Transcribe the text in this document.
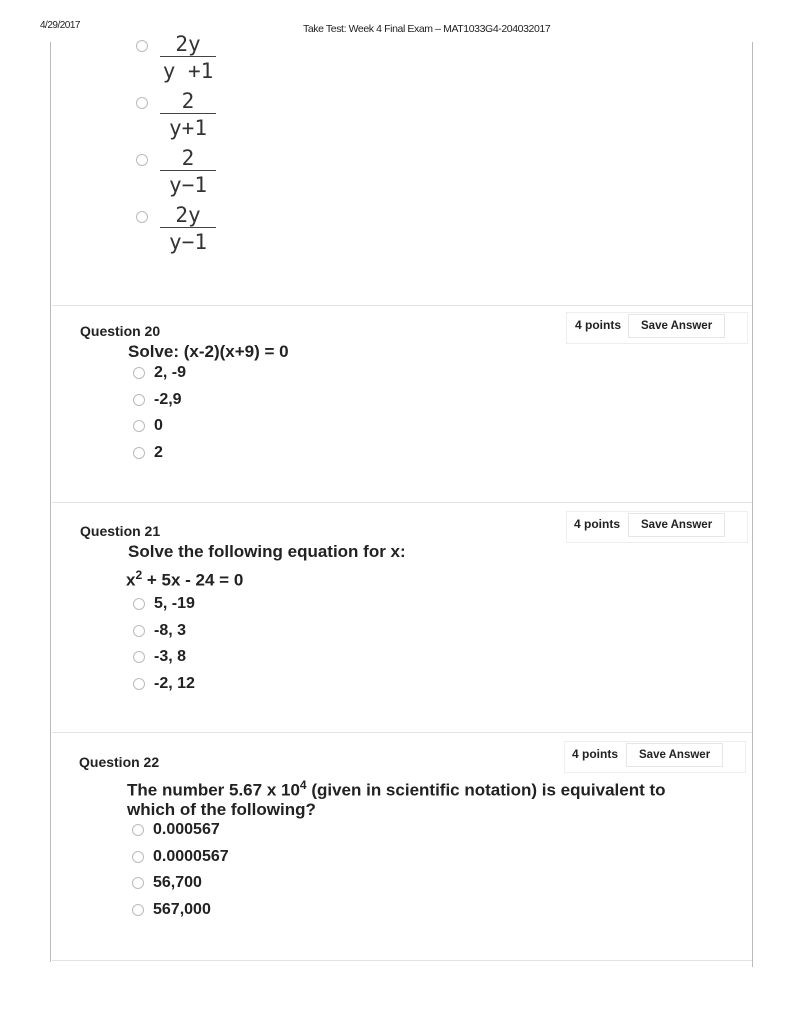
4/29/2017	Take Test: Week 4 Final Exam – MAT1033G4-204032017
$\frac{2y}{y +1}$
$\frac{2}{y+1}$
$\frac{2}{y-1}$
$\frac{2y}{y-1}$
Question 20	4 points	Save Answer
Solve: (x-2)(x+9) = 0
2, -9
-2,9
0
2
Question 21	4 points	Save Answer
Solve the following equation for x:
$x^2 + 5x - 24 = 0$
5, -19
-8, 3
-3, 8
-2, 12
Question 22	4 points	Save Answer
The number 5.67 x $10^4$ (given in scientific notation) is equivalent to
which of the following?
0.000567
0.0000567
56,700
567,000
